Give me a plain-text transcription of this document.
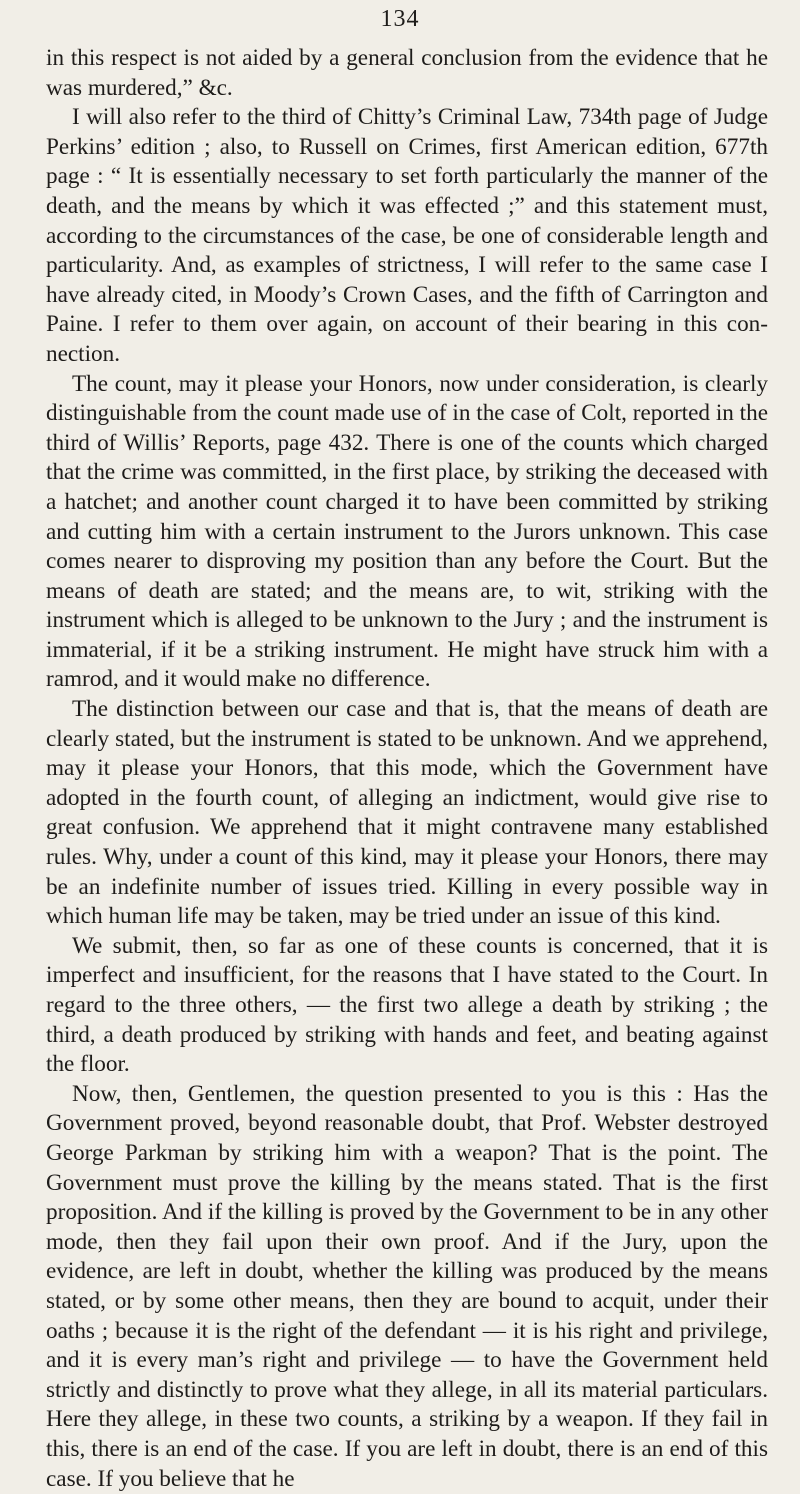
134

in this respect is not aided by a general conclusion from the evidence that he was murdered,” &c.

I will also refer to the third of Chitty’s Criminal Law, 734th page of Judge Perkins’ edition ; also, to Russell on Crimes, first American edition, 677th page : “ It is essentially necessary to set forth particularly the manner of the death, and the means by which it was effected ;” and this statement must, according to the circumstances of the case, be one of considerable length and particularity. And, as examples of strictness, I will refer to the same case I have already cited, in Moody’s Crown Cases, and the fifth of Carrington and Paine. I refer to them over again, on account of their bearing in this connection.

The count, may it please your Honors, now under consideration, is clearly distinguishable from the count made use of in the case of Colt, reported in the third of Willis’ Reports, page 432. There is one of the counts which charged that the crime was committed, in the first place, by striking the deceased with a hatchet; and another count charged it to have been committed by striking and cutting him with a certain instrument to the Jurors unknown. This case comes nearer to disproving my position than any before the Court. But the means of death are stated; and the means are, to wit, striking with the instrument which is alleged to be unknown to the Jury ; and the instrument is immaterial, if it be a striking instrument. He might have struck him with a ramrod, and it would make no difference.

The distinction between our case and that is, that the means of death are clearly stated, but the instrument is stated to be unknown. And we apprehend, may it please your Honors, that this mode, which the Government have adopted in the fourth count, of alleging an indictment, would give rise to great confusion. We apprehend that it might contravene many established rules. Why, under a count of this kind, may it please your Honors, there may be an indefinite number of issues tried. Killing in every possible way in which human life may be taken, may be tried under an issue of this kind.

We submit, then, so far as one of these counts is concerned, that it is imperfect and insufficient, for the reasons that I have stated to the Court. In regard to the three others, — the first two allege a death by striking ; the third, a death produced by striking with hands and feet, and beating against the floor.

Now, then, Gentlemen, the question presented to you is this : Has the Government proved, beyond reasonable doubt, that Prof. Webster destroyed George Parkman by striking him with a weapon? That is the point. The Government must prove the killing by the means stated. That is the first proposition. And if the killing is proved by the Government to be in any other mode, then they fail upon their own proof. And if the Jury, upon the evidence, are left in doubt, whether the killing was produced by the means stated, or by some other means, then they are bound to acquit, under their oaths ; because it is the right of the defendant — it is his right and privilege, and it is every man’s right and privilege — to have the Government held strictly and distinctly to prove what they allege, in all its material particulars. Here they allege, in these two counts, a striking by a weapon. If they fail in this, there is an end of the case. If you are left in doubt, there is an end of this case. If you believe that he
